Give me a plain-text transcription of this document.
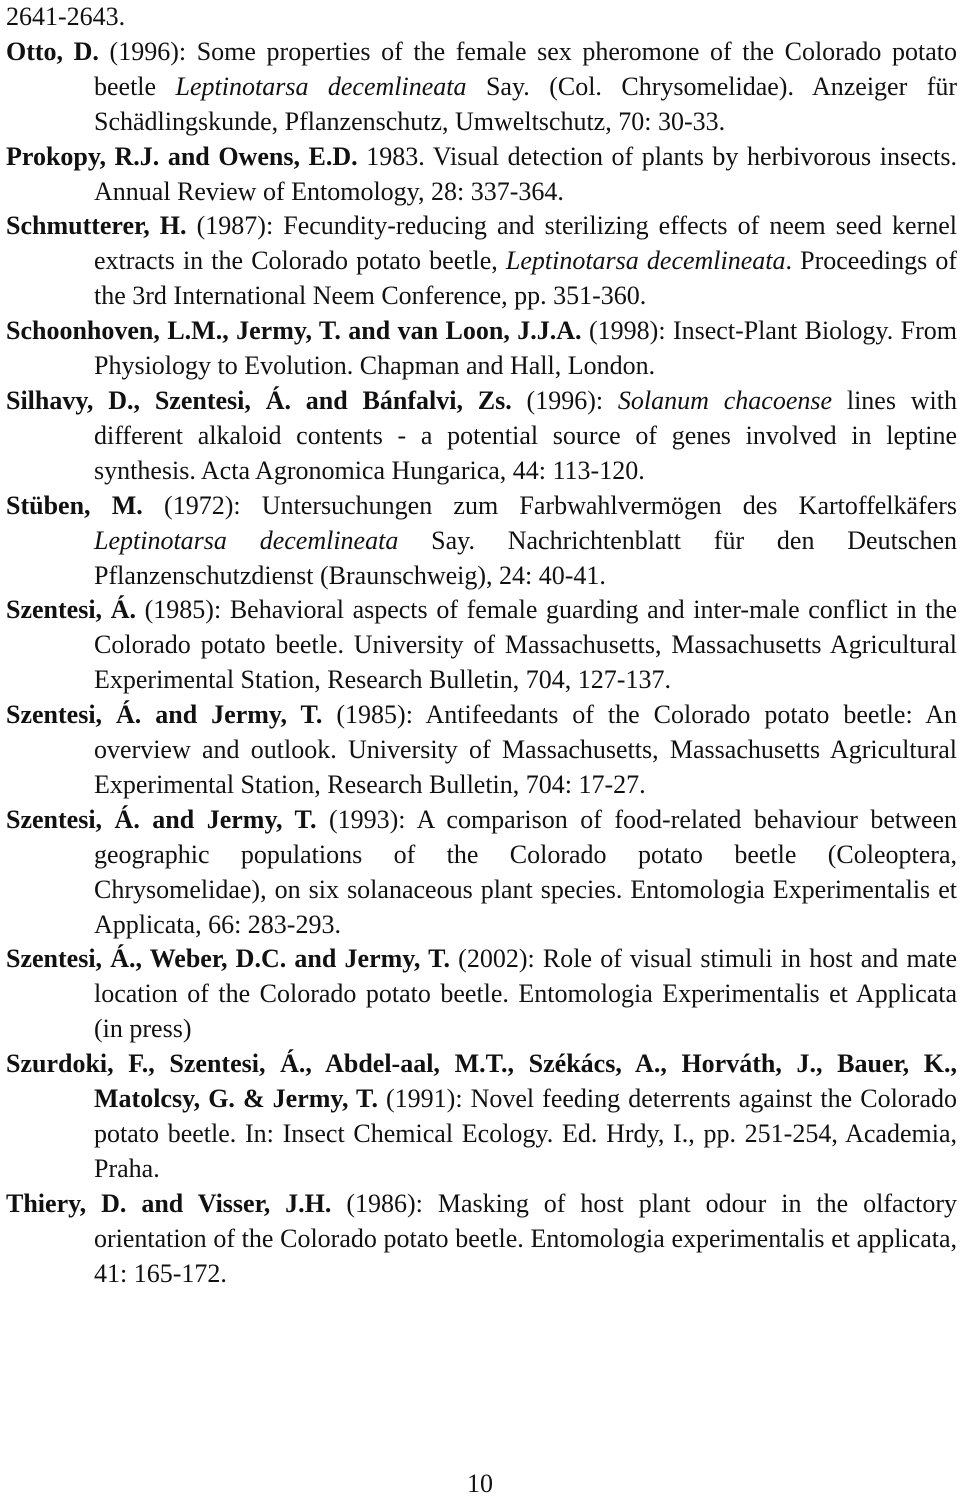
2641-2643.
Otto, D. (1996): Some properties of the female sex pheromone of the Colorado potato beetle Leptinotarsa decemlineata Say. (Col. Chrysomelidae). Anzeiger für Schädlingskunde, Pflanzenschutz, Umweltschutz, 70: 30-33.
Prokopy, R.J. and Owens, E.D. 1983. Visual detection of plants by herbivorous insects. Annual Review of Entomology, 28: 337-364.
Schmutterer, H. (1987): Fecundity-reducing and sterilizing effects of neem seed kernel extracts in the Colorado potato beetle, Leptinotarsa decemlineata. Proceedings of the 3rd International Neem Conference, pp. 351-360.
Schoonhoven, L.M., Jermy, T. and van Loon, J.J.A. (1998): Insect-Plant Biology. From Physiology to Evolution. Chapman and Hall, London.
Silhavy, D., Szentesi, Á. and Bánfalvi, Zs. (1996): Solanum chacoense lines with different alkaloid contents - a potential source of genes involved in leptine synthesis. Acta Agronomica Hungarica, 44: 113-120.
Stüben, M. (1972): Untersuchungen zum Farbwahlvermögen des Kartoffelkäfers Leptinotarsa decemlineata Say. Nachrichtenblatt für den Deutschen Pflanzenschutzdienst (Braunschweig), 24: 40-41.
Szentesi, Á. (1985): Behavioral aspects of female guarding and inter-male conflict in the Colorado potato beetle. University of Massachusetts, Massachusetts Agricultural Experimental Station, Research Bulletin, 704, 127-137.
Szentesi, Á. and Jermy, T. (1985): Antifeedants of the Colorado potato beetle: An overview and outlook. University of Massachusetts, Massachusetts Agricultural Experimental Station, Research Bulletin, 704: 17-27.
Szentesi, Á. and Jermy, T. (1993): A comparison of food-related behaviour between geographic populations of the Colorado potato beetle (Coleoptera, Chrysomelidae), on six solanaceous plant species. Entomologia Experimentalis et Applicata, 66: 283-293.
Szentesi, Á., Weber, D.C. and Jermy, T. (2002): Role of visual stimuli in host and mate location of the Colorado potato beetle. Entomologia Experimentalis et Applicata (in press)
Szurdoki, F., Szentesi, Á., Abdel-aal, M.T., Székács, A., Horváth, J., Bauer, K., Matolcsy, G. & Jermy, T. (1991): Novel feeding deterrents against the Colorado potato beetle. In: Insect Chemical Ecology. Ed. Hrdy, I., pp. 251-254, Academia, Praha.
Thiery, D. and Visser, J.H. (1986): Masking of host plant odour in the olfactory orientation of the Colorado potato beetle. Entomologia experimentalis et applicata, 41: 165-172.
10
